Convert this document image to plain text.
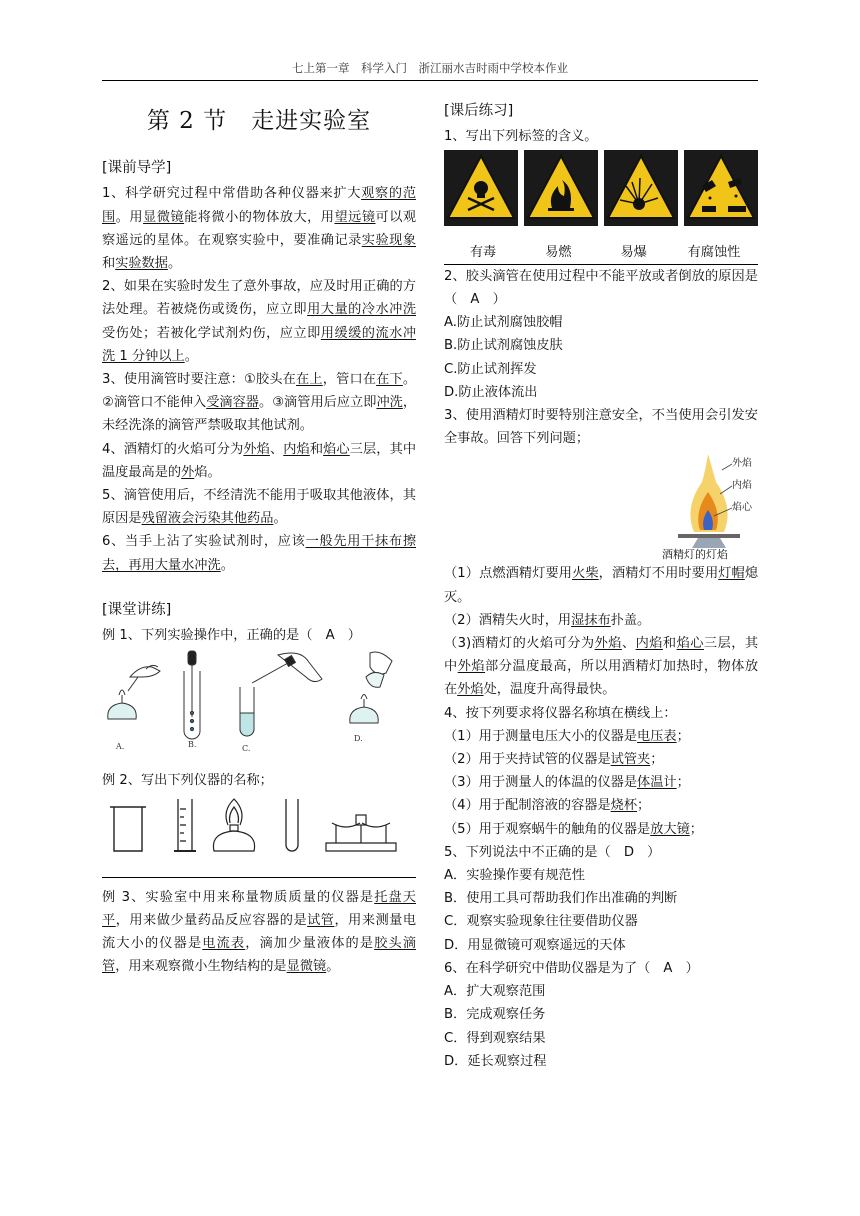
七上第一章　科学入门　浙江丽水吉时雨中学校本作业
第 2 节　走进实验室
[课前导学]

1、科学研究过程中常借助各种仪器来扩大观察的范围。用显微镜能将微小的物体放大，用望远镜可以观察遥远的星体。在观察实验中，要准确记录实验现象和实验数据。

2、如果在实验时发生了意外事故，应及时用正确的方法处理。若被烧伤或烫伤，应立即用大量的冷水冲洗受伤处；若被化学试剂灼伤，应立即用缓缓的流水冲洗 1 分钟以上。

3、使用滴管时要注意：①胶头在在上，管口在在下。②滴管口不能伸入受滴容器。③滴管用后应立即冲洗，未经洗涤的滴管严禁吸取其他试剂。

4、酒精灯的火焰可分为外焰、内焰和焰心三层，其中温度最高是的外焰。

5、滴管使用后，不经清洗不能用于吸取其他液体，其原因是残留液会污染其他药品。

6、当手上沾了实验试剂时，应该一般先用干抹布擦去，再用大量水冲洗。

[课堂讲练]

例 1、下列实验操作中，正确的是（　A　）

A.	B.	C.
D.

例 2、写出下列仪器的名称；

例 3、实验室中用来称量物质质量的仪器是托盘天平，用来做少量药品反应容器的是试管，用来测量电流大小的仪器是电流表，滴加少量液体的是胶头滴管，用来观察微小生物结构的是显微镜。

[课后练习]

1、写出下列标签的含义。

有毒	易燃	易爆	有腐蚀性

2、胶头滴管在使用过程中不能平放或者倒放的原因是（　A　）

A.防止试剂腐蚀胶帽

B.防止试剂腐蚀皮肤

C.防止试剂挥发

D.防止液体流出

3、使用酒精灯时要特别注意安全，不当使用会引发安全事故。回答下列问题；

外焰
内焰
焰心
酒精灯的灯焰

（1）点燃酒精灯要用火柴，酒精灯不用时要用灯帽熄灭。

（2）酒精失火时，用湿抹布扑盖。

（3)酒精灯的火焰可分为外焰、内焰和焰心三层，其中外焰部分温度最高，所以用酒精灯加热时，物体放在外焰处，温度升高得最快。

4、按下列要求将仪器名称填在横线上：

（1）用于测量电压大小的仪器是电压表；

（2）用于夹持试管的仪器是试管夹；

（3）用于测量人的体温的仪器是体温计；

（4）用于配制溶液的容器是烧杯；

（5）用于观察蜗牛的触角的仪器是放大镜；

5、下列说法中不正确的是（　D　）

A．实验操作要有规范性

B．使用工具可帮助我们作出准确的判断

C．观察实验现象往往要借助仪器

D．用显微镜可观察遥远的天体

6、在科学研究中借助仪器是为了（　A　）

A．扩大观察范围

B．完成观察任务

C．得到观察结果

D．延长观察过程
